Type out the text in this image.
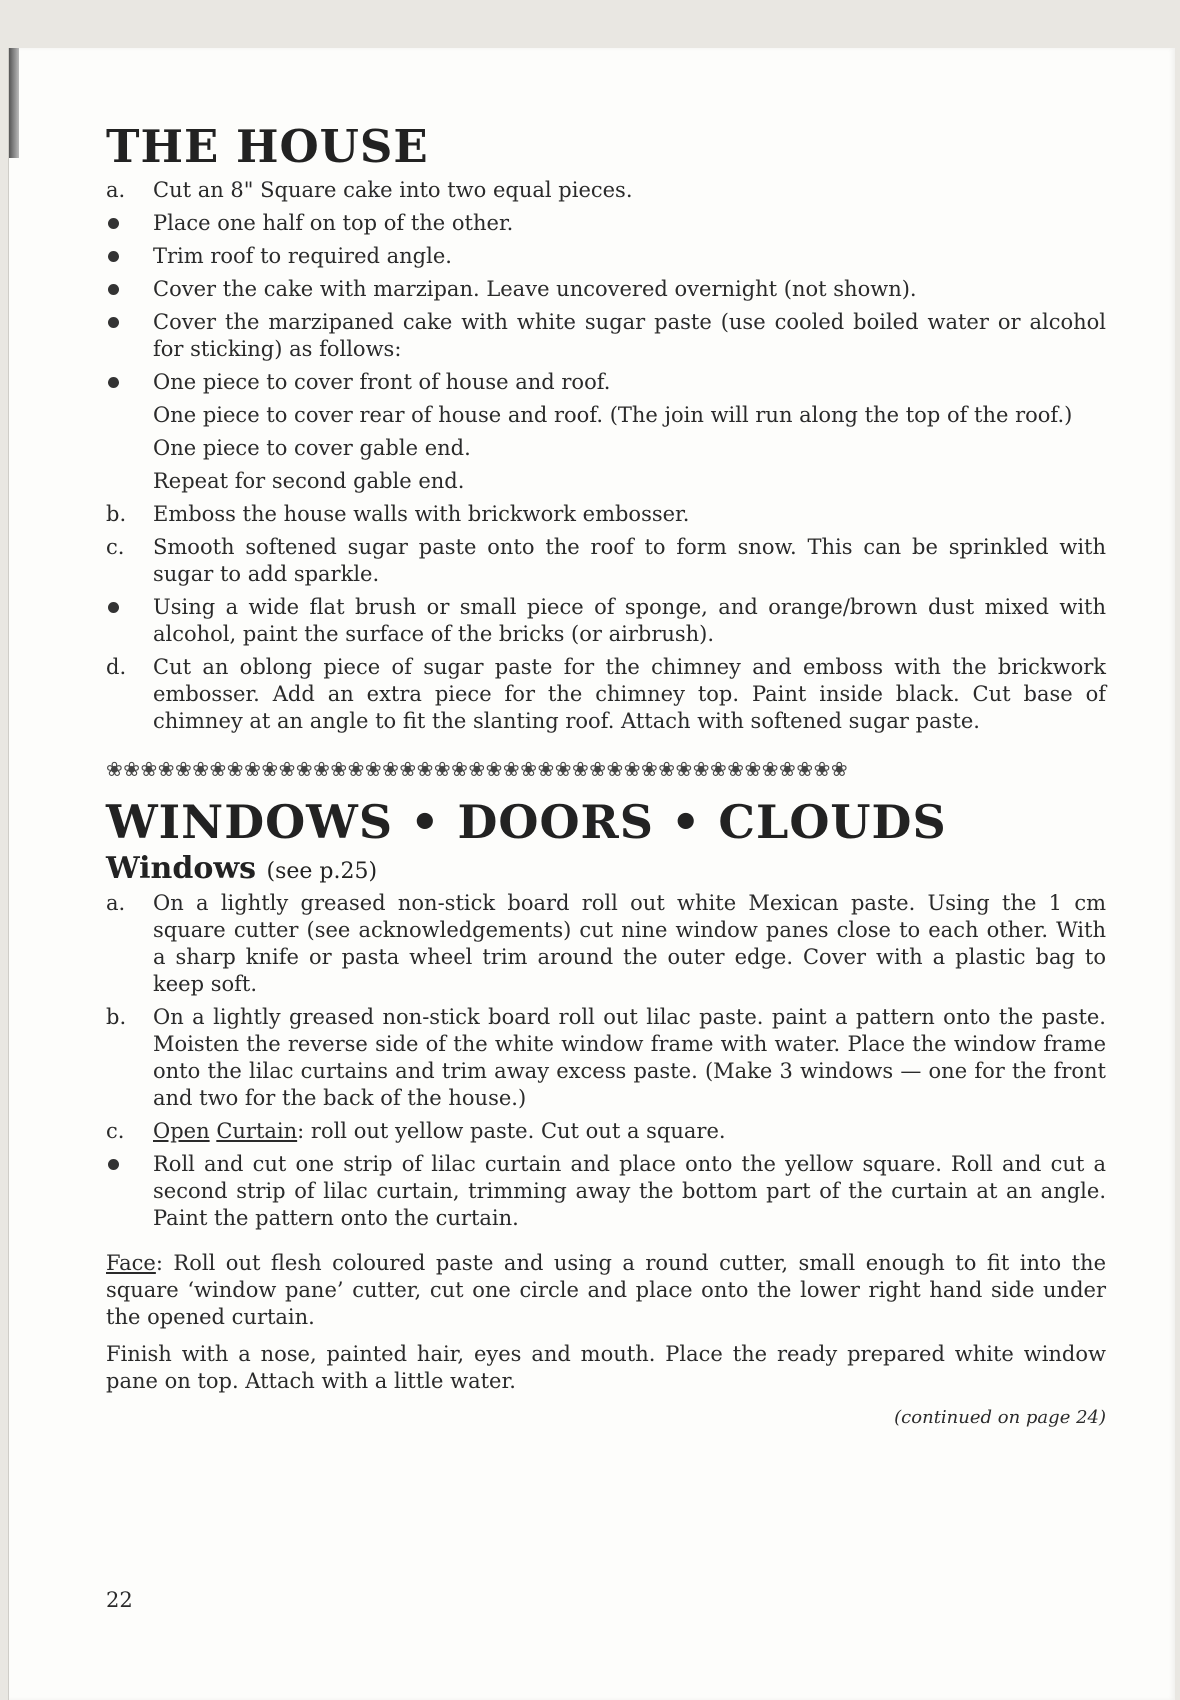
THE HOUSE
a.	Cut an 8" Square cake into two equal pieces.
Place one half on top of the other.
Trim roof to required angle.
Cover the cake with marzipan. Leave uncovered overnight (not shown).
Cover the marzipaned cake with white sugar paste (use cooled boiled water or alcohol for sticking) as follows:
One piece to cover front of house and roof.
One piece to cover rear of house and roof. (The join will run along the top of the roof.)
One piece to cover gable end.
Repeat for second gable end.
b.	Emboss the house walls with brickwork embosser.
c.	Smooth softened sugar paste onto the roof to form snow. This can be sprinkled with sugar to add sparkle.
Using a wide flat brush or small piece of sponge, and orange/brown dust mixed with alcohol, paint the surface of the bricks (or airbrush).
d.	Cut an oblong piece of sugar paste for the chimney and emboss with the brickwork embosser. Add an extra piece for the chimney top. Paint inside black. Cut base of chimney at an angle to fit the slanting roof. Attach with softened sugar paste.
❀❀❀❀❀❀❀❀❀❀❀❀❀❀❀❀❀❀❀❀❀❀❀❀❀❀❀❀❀❀❀❀❀❀❀❀❀❀❀❀❀❀❀
WINDOWS • DOORS • CLOUDS
Windows (see p.25)
a.	On a lightly greased non-stick board roll out white Mexican paste. Using the 1 cm square cutter (see acknowledgements) cut nine window panes close to each other. With a sharp knife or pasta wheel trim around the outer edge. Cover with a plastic bag to keep soft.
b.	On a lightly greased non-stick board roll out lilac paste. paint a pattern onto the paste. Moisten the reverse side of the white window frame with water. Place the window frame onto the lilac curtains and trim away excess paste. (Make 3 windows — one for the front and two for the back of the house.)
c.	Open Curtain: roll out yellow paste. Cut out a square.
Roll and cut one strip of lilac curtain and place onto the yellow square. Roll and cut a second strip of lilac curtain, trimming away the bottom part of the curtain at an angle. Paint the pattern onto the curtain.

Face: Roll out flesh coloured paste and using a round cutter, small enough to fit into the square ‘window pane’ cutter, cut one circle and place onto the lower right hand side under the opened curtain.

Finish with a nose, painted hair, eyes and mouth. Place the ready prepared white window pane on top. Attach with a little water.

(continued on page 24)
22
